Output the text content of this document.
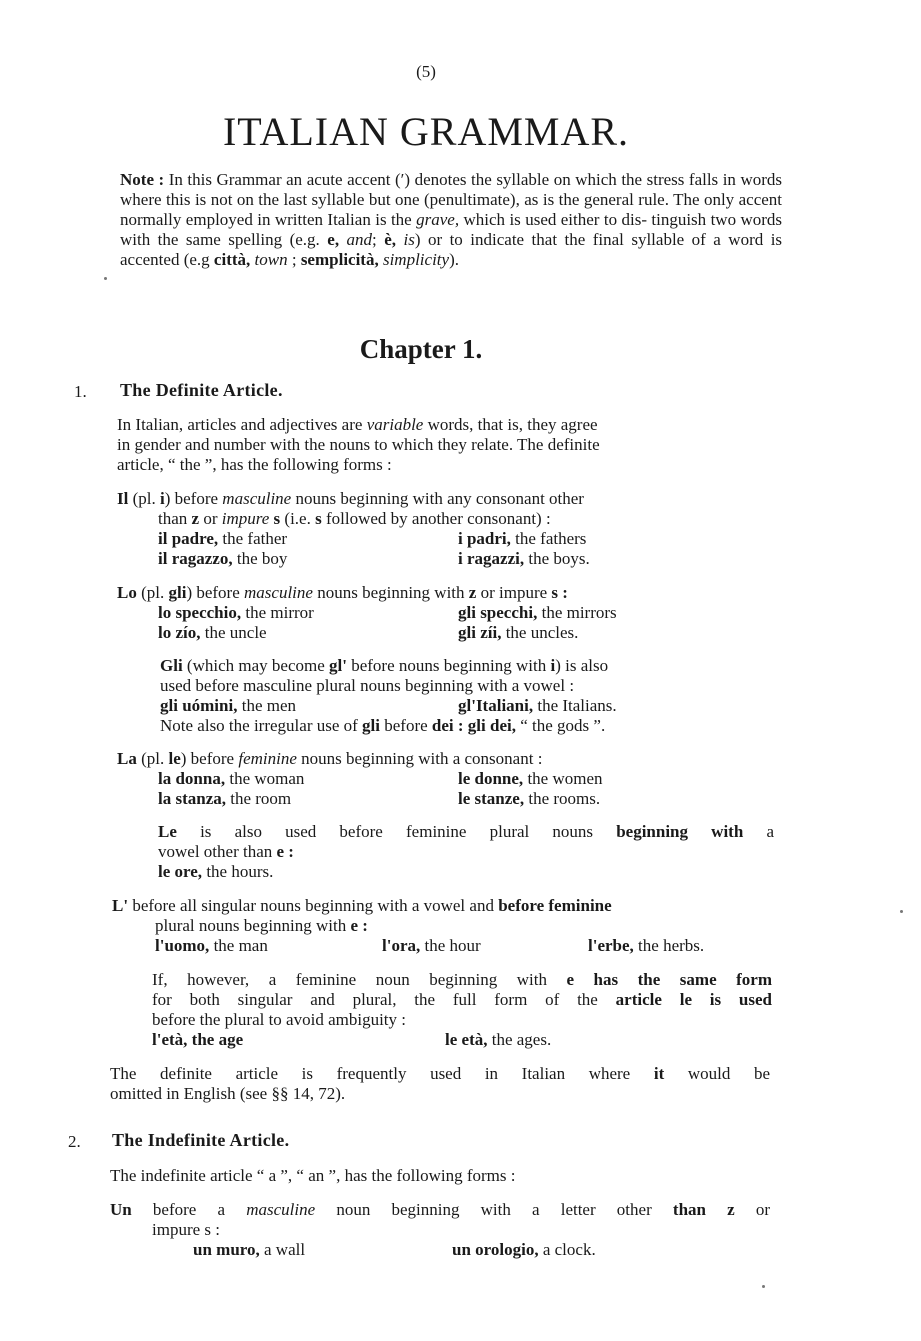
(5)
ITALIAN GRAMMAR.
Note : In this Grammar an acute accent (′) denotes the syllable on which the stress falls in words where this is not on the last syllable but one (penultimate), as is the general rule. The only accent normally employed in written Italian is the grave, which is used either to dis- tinguish two words with the same spelling (e.g. e, and; è, is) or to indicate that the final syllable of a word is accented (e.g città, town ; semplicità, simplicity).
Chapter 1.
1. The Definite Article.
In Italian, articles and adjectives are variable words, that is, they agree
in gender and number with the nouns to which they relate. The definite
article, “ the ”, has the following forms :
Il (pl. i) before masculine nouns beginning with any consonant other
than z or impure s (i.e. s followed by another consonant) :
il padre, the father	i padri, the fathers
il ragazzo, the boy	i ragazzi, the boys.
Lo (pl. gli) before masculine nouns beginning with z or impure s :
lo specchio, the mirror	gli specchi, the mirrors
lo zío, the uncle	gli zíi, the uncles.
Gli (which may become gl' before nouns beginning with i) is also
used before masculine plural nouns beginning with a vowel :
gli uómini, the men	gl'Italiani, the Italians.
Note also the irregular use of gli before dei : gli dei, “ the gods ”.
La (pl. le) before feminine nouns beginning with a consonant :
la donna, the woman	le donne, the women
la stanza, the room	le stanze, the rooms.
Le is also used before feminine plural nouns beginning with a
vowel other than e :
le ore, the hours.
L' before all singular nouns beginning with a vowel and before feminine
plural nouns beginning with e :
l'uomo, the man	l'ora, the hour	l'erbe, the herbs.
If, however, a feminine noun beginning with e has the same form
for both singular and plural, the full form of the article le is used
before the plural to avoid ambiguity :
l'età, the age	le età, the ages.
The definite article is frequently used in Italian where it would be
omitted in English (see §§ 14, 72).
2. The Indefinite Article.
The indefinite article “ a ”, “ an ”, has the following forms :
Un before a masculine noun beginning with a letter other than z or
impure s :
un muro, a wall	un orologio, a clock.
